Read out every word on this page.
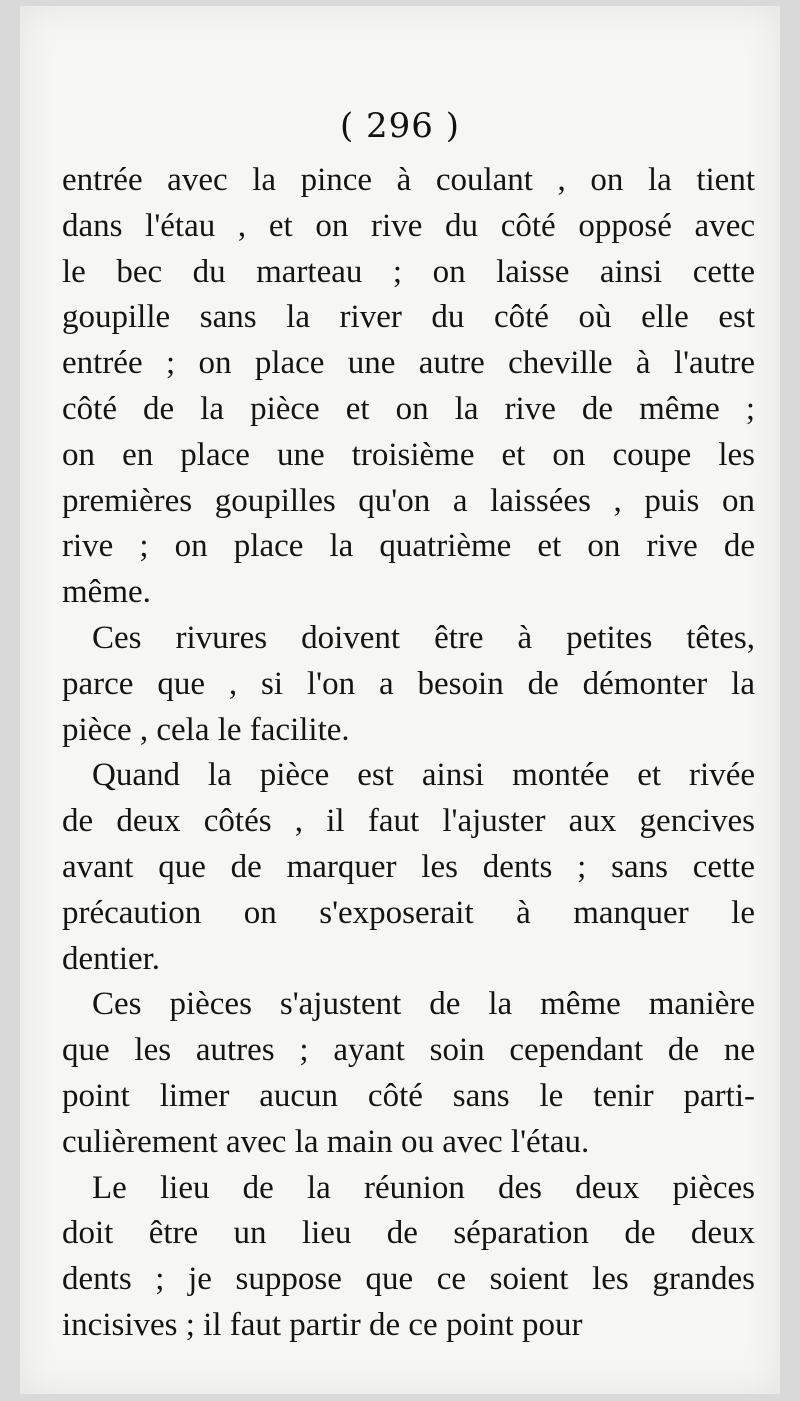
( 296 )
entrée avec la pince à coulant , on la tient
dans l'étau , et on rive du côté opposé avec
le bec du marteau ; on laisse ainsi cette
goupille sans la river du côté où elle est
entrée ; on place une autre cheville à l'autre
côté de la pièce et on la rive de même ;
on en place une troisième et on coupe les
premières goupilles qu'on a laissées , puis on
rive ; on place la quatrième et on rive de
même.
Ces rivures doivent être à petites têtes,
parce que , si l'on a besoin de démonter la
pièce , cela le facilite.
Quand la pièce est ainsi montée et rivée
de deux côtés , il faut l'ajuster aux gencives
avant que de marquer les dents ; sans cette
précaution on s'exposerait à manquer le
dentier.
Ces pièces s'ajustent de la même manière
que les autres ; ayant soin cependant de ne
point limer aucun côté sans le tenir parti-
culièrement avec la main ou avec l'étau.
Le lieu de la réunion des deux pièces
doit être un lieu de séparation de deux
dents ; je suppose que ce soient les grandes
incisives ; il faut partir de ce point pour
